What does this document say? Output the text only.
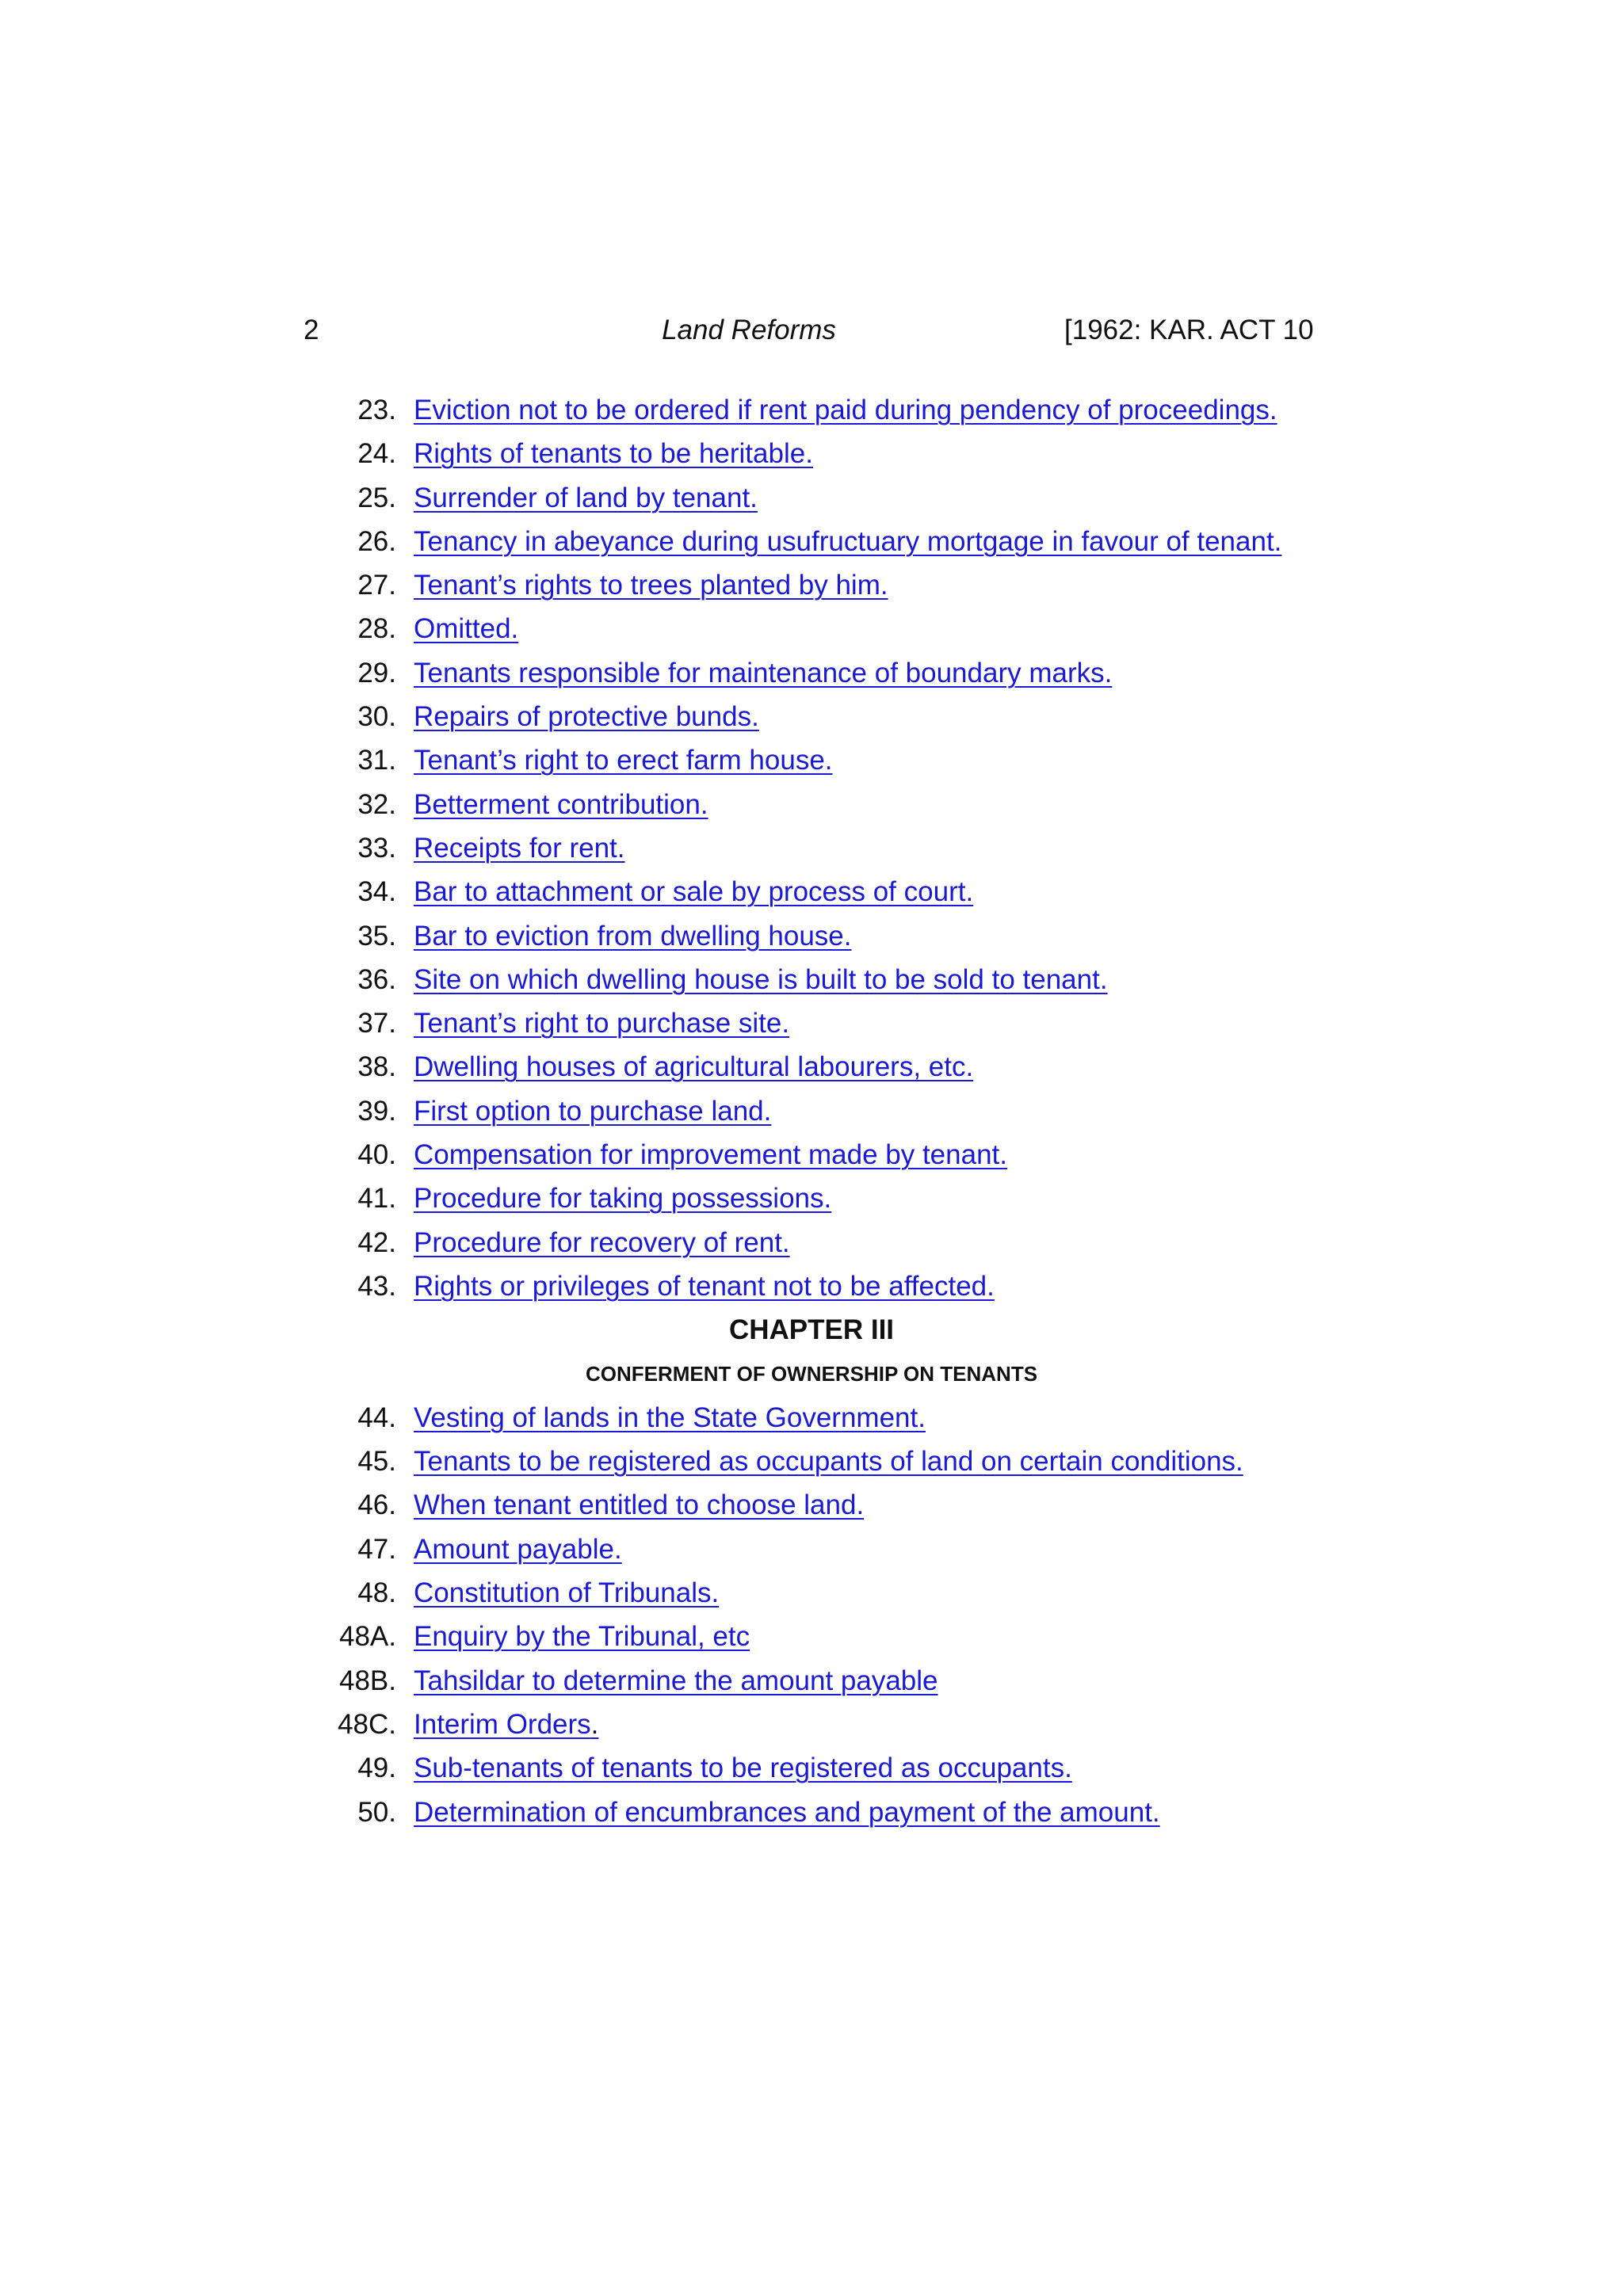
2	Land Reforms	[1962: KAR. ACT 10
23. Eviction not to be ordered if rent paid during pendency of proceedings.
24. Rights of tenants to be heritable.
25. Surrender of land by tenant.
26. Tenancy in abeyance during usufructuary mortgage in favour of tenant.
27. Tenant’s rights to trees planted by him.
28. Omitted.
29. Tenants responsible for maintenance of boundary marks.
30. Repairs of protective bunds.
31. Tenant’s right to erect farm house.
32. Betterment contribution.
33. Receipts for rent.
34. Bar to attachment or sale by process of court.
35. Bar to eviction from dwelling house.
36. Site on which dwelling house is built to be sold to tenant.
37. Tenant’s right to purchase site.
38. Dwelling houses of agricultural labourers, etc.
39. First option to purchase land.
40. Compensation for improvement made by tenant.
41. Procedure for taking possessions.
42. Procedure for recovery of rent.
43. Rights or privileges of tenant not to be affected.
CHAPTER III
CONFERMENT OF OWNERSHIP ON TENANTS
44. Vesting of lands in the State Government.
45. Tenants to be registered as occupants of land on certain conditions.
46. When tenant entitled to choose land.
47. Amount payable.
48. Constitution of Tribunals.
48A. Enquiry by the Tribunal, etc
48B. Tahsildar to determine the amount payable
48C. Interim Orders.
49. Sub-tenants of tenants to be registered as occupants.
50. Determination of encumbrances and payment of the amount.
